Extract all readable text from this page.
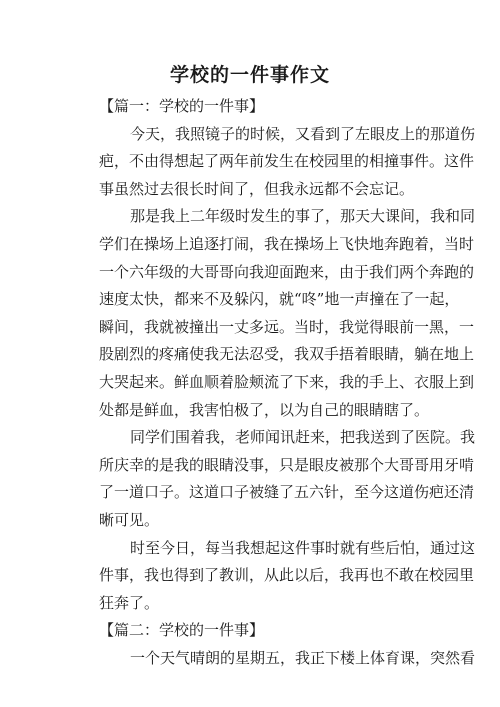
学校的一件事作文
【篇一：学校的一件事】
今天，我照镜子的时候，又看到了左眼皮上的那道伤
疤，不由得想起了两年前发生在校园里的相撞事件。这件
事虽然过去很长时间了，但我永远都不会忘记。
那是我上二年级时发生的事了，那天大课间，我和同
学们在操场上追逐打闹，我在操场上飞快地奔跑着，当时
一个六年级的大哥哥向我迎面跑来，由于我们两个奔跑的
速度太快，都来不及躲闪，就“咚”地一声撞在了一起，
瞬间，我就被撞出一丈多远。当时，我觉得眼前一黑，一
股剧烈的疼痛使我无法忍受，我双手捂着眼睛，躺在地上
大哭起来。鲜血顺着脸颊流了下来，我的手上、衣服上到
处都是鲜血，我害怕极了，以为自己的眼睛瞎了。
同学们围着我，老师闻讯赶来，把我送到了医院。我
所庆幸的是我的眼睛没事，只是眼皮被那个大哥哥用牙啃
了一道口子。这道口子被缝了五六针，至今这道伤疤还清
晰可见。
时至今日，每当我想起这件事时就有些后怕，通过这
件事，我也得到了教训，从此以后，我再也不敢在校园里
狂奔了。
【篇二：学校的一件事】
一个天气晴朗的星期五，我正下楼上体育课，突然看
